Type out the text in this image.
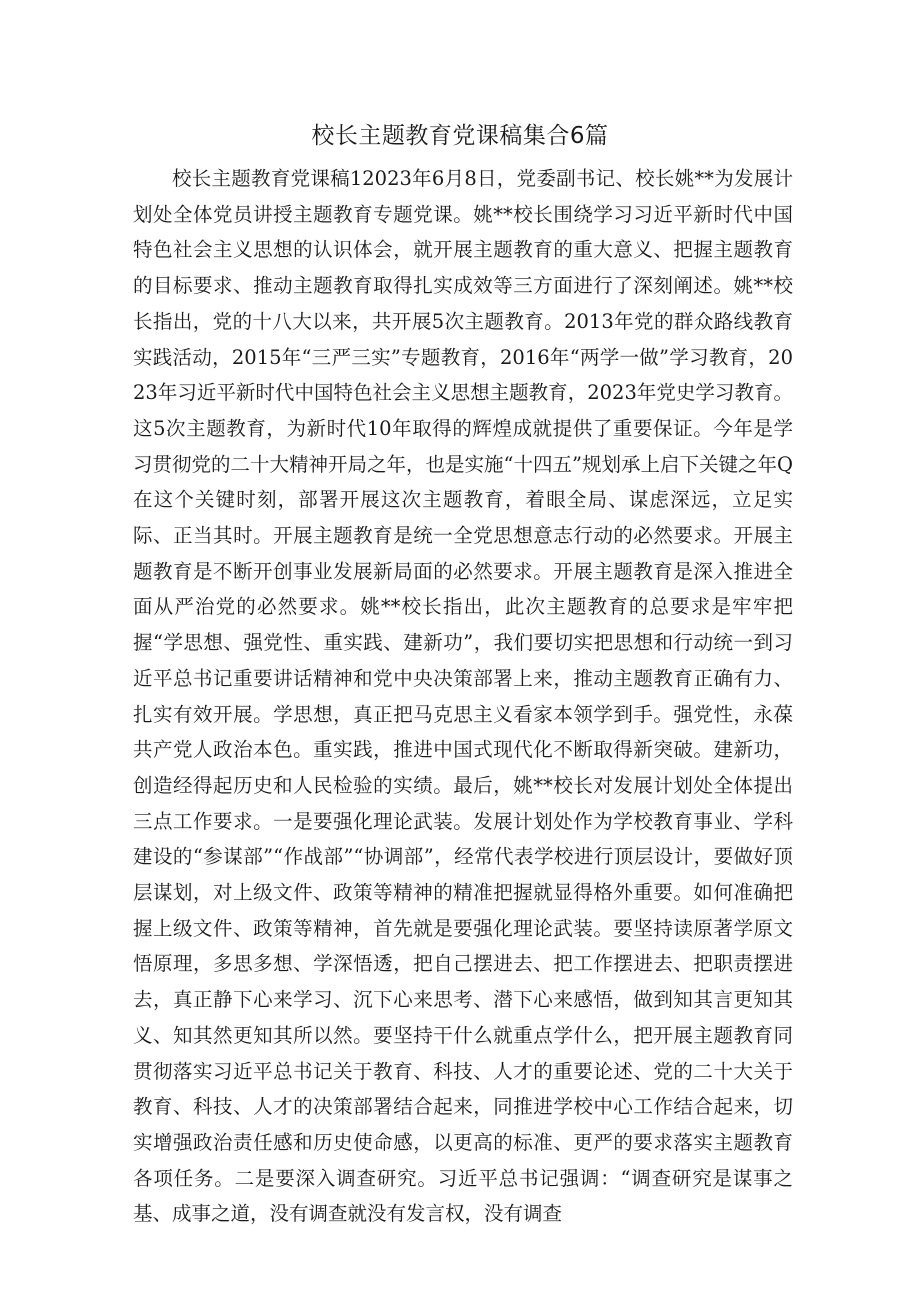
校长主题教育党课稿集合6篇

校长主题教育党课稿12023年6月8日，党委副书记、校长姚**为发展计划处全体党员讲授主题教育专题党课。姚**校长围绕学习习近平新时代中国特色社会主义思想的认识体会，就开展主题教育的重大意义、把握主题教育的目标要求、推动主题教育取得扎实成效等三方面进行了深刻阐述。姚**校长指出，党的十八大以来，共开展5次主题教育。2013年党的群众路线教育实践活动，2015年“三严三实”专题教育，2016年“两学一做”学习教育，2023年习近平新时代中国特色社会主义思想主题教育，2023年党史学习教育。这5次主题教育，为新时代10年取得的辉煌成就提供了重要保证。今年是学习贯彻党的二十大精神开局之年，也是实施“十四五”规划承上启下关键之年Q在这个关键时刻，部署开展这次主题教育，着眼全局、谋虑深远，立足实际、正当其时。开展主题教育是统一全党思想意志行动的必然要求。开展主题教育是不断开创事业发展新局面的必然要求。开展主题教育是深入推进全面从严治党的必然要求。姚**校长指出，此次主题教育的总要求是牢牢把握“学思想、强党性、重实践、建新功”，我们要切实把思想和行动统一到习近平总书记重要讲话精神和党中央决策部署上来，推动主题教育正确有力、扎实有效开展。学思想，真正把马克思主义看家本领学到手。强党性，永葆共产党人政治本色。重实践，推进中国式现代化不断取得新突破。建新功，创造经得起历史和人民检验的实绩。最后，姚**校长对发展计划处全体提出三点工作要求。一是要强化理论武装。发展计划处作为学校教育事业、学科建设的“参谋部”“作战部”“协调部”，经常代表学校进行顶层设计，要做好顶层谋划，对上级文件、政策等精神的精准把握就显得格外重要。如何准确把握上级文件、政策等精神，首先就是要强化理论武装。要坚持读原著学原文悟原理，多思多想、学深悟透，把自己摆进去、把工作摆进去、把职责摆进去，真正静下心来学习、沉下心来思考、潜下心来感悟，做到知其言更知其义、知其然更知其所以然。要坚持干什么就重点学什么，把开展主题教育同贯彻落实习近平总书记关于教育、科技、人才的重要论述、党的二十大关于教育、科技、人才的决策部署结合起来，同推进学校中心工作结合起来，切实增强政治责任感和历史使命感，以更高的标准、更严的要求落实主题教育各项任务。二是要深入调查研究。习近平总书记强调：“调查研究是谋事之基、成事之道，没有调查就没有发言权，没有调查
